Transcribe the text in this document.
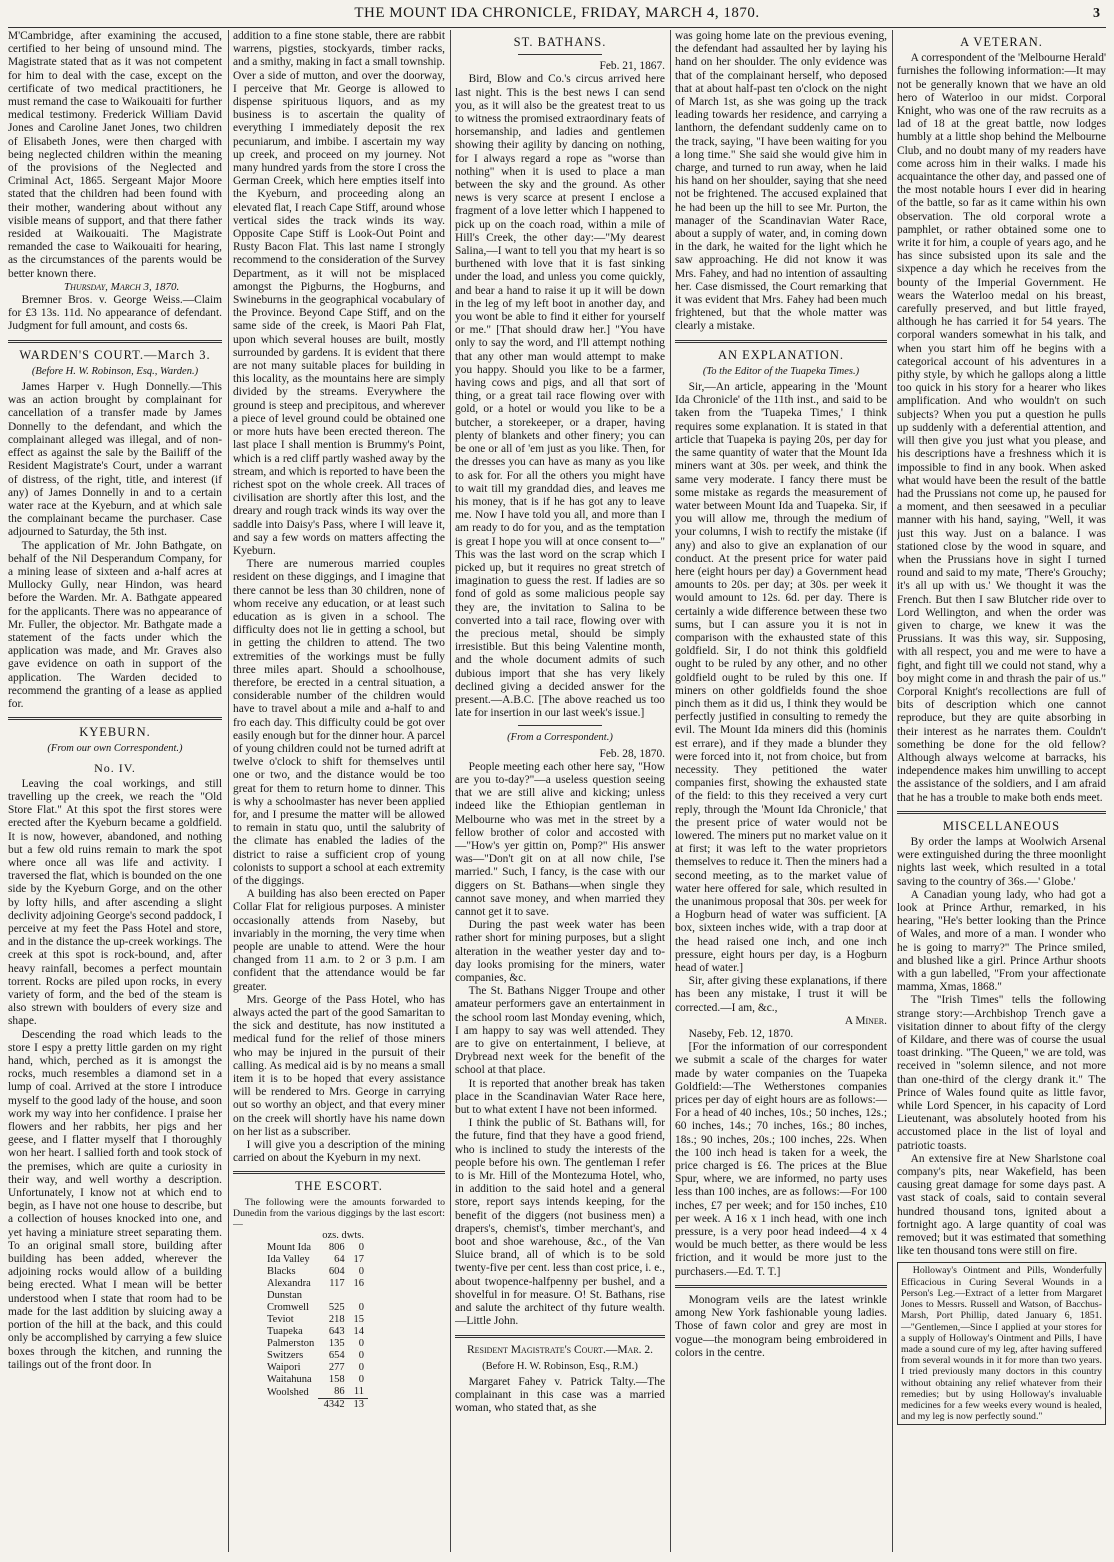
THE MOUNT IDA CHRONICLE, FRIDAY, MARCH 4, 1870.	3

M'Cambridge, after examining the accused, certified to her being of unsound mind. The Magistrate stated that as it was not competent for him to deal with the case, except on the certificate of two medical practitioners, he must remand the case to Waikouaiti for further medical testimony. Frederick William David Jones and Caroline Janet Jones, two children of Elisabeth Jones, were then charged with being neglected children within the meaning of the provisions of the Neglected and Criminal Act, 1865. Sergeant Major Moore stated that the children had been found with their mother, wandering about without any visible means of support, and that there father resided at Waikouaiti. The Magistrate remanded the case to Waikouaiti for hearing, as the circumstances of the parents would be better known there.

Thursday, March 3, 1870.

Bremner Bros. v. George Weiss.—Claim for £3 13s. 11d. No appearance of defendant. Judgment for full amount, and costs 6s.

WARDEN'S COURT.—March 3.
(Before H. W. Robinson, Esq., Warden.)

James Harper v. Hugh Donnelly.—This was an action brought by complainant for cancellation of a transfer made by James Donnelly to the defendant, and which the complainant alleged was illegal, and of non-effect as against the sale by the Bailiff of the Resident Magistrate's Court, under a warrant of distress, of the right, title, and interest (if any) of James Donnelly in and to a certain water race at the Kyeburn, and at which sale the complainant became the purchaser. Case adjourned to Saturday, the 5th inst.

The application of Mr. John Bathgate, on behalf of the Nil Desperandum Company, for a mining lease of sixteen and a-half acres at Mullocky Gully, near Hindon, was heard before the Warden. Mr. A. Bathgate appeared for the applicants. There was no appearance of Mr. Fuller, the objector. Mr. Bathgate made a statement of the facts under which the application was made, and Mr. Graves also gave evidence on oath in support of the application. The Warden decided to recommend the granting of a lease as applied for.

KYEBURN.
(From our own Correspondent.)
No. IV.

Leaving the coal workings, and still travelling up the creek, we reach the "Old Store Flat." At this spot the first stores were erected after the Kyeburn became a goldfield. It is now, however, abandoned, and nothing but a few old ruins remain to mark the spot where once all was life and activity. I traversed the flat, which is bounded on the one side by the Kyeburn Gorge, and on the other by lofty hills, and after ascending a slight declivity adjoining George's second paddock, I perceive at my feet the Pass Hotel and store, and in the distance the up-creek workings. The creek at this spot is rock-bound, and, after heavy rainfall, becomes a perfect mountain torrent. Rocks are piled upon rocks, in every variety of form, and the bed of the steam is also strewn with boulders of every size and shape.

Descending the road which leads to the store I espy a pretty little garden on my right hand, which, perched as it is amongst the rocks, much resembles a diamond set in a lump of coal. Arrived at the store I introduce myself to the good lady of the house, and soon work my way into her confidence. I praise her flowers and her rabbits, her pigs and her geese, and I flatter myself that I thoroughly won her heart. I sallied forth and took stock of the premises, which are quite a curiosity in their way, and well worthy a description. Unfortunately, I know not at which end to begin, as I have not one house to describe, but a collection of houses knocked into one, and yet having a miniature street separating them. To an original small store, building after building has been added, wherever the adjoining rocks would allow of a building being erected. What I mean will be better understood when I state that room had to be made for the last addition by sluicing away a portion of the hill at the back, and this could only be accomplished by carrying a few sluice boxes through the kitchen, and running the tailings out of the front door. In

addition to a fine stone stable, there are rabbit warrens, pigsties, stockyards, timber racks, and a smithy, making in fact a small township. Over a side of mutton, and over the doorway, I perceive that Mr. George is allowed to dispense spirituous liquors, and as my business is to ascertain the quality of everything I immediately deposit the rex pecuniarum, and imbibe. I ascertain my way up creek, and proceed on my journey. Not many hundred yards from the store I cross the German Creek, which here empties itself into the Kyeburn, and proceeding along an elevated flat, I reach Cape Stiff, around whose vertical sides the track winds its way. Opposite Cape Stiff is Look-Out Point and Rusty Bacon Flat. This last name I strongly recommend to the consideration of the Survey Department, as it will not be misplaced amongst the Pigburns, the Hogburns, and Swineburns in the geographical vocabulary of the Province. Beyond Cape Stiff, and on the same side of the creek, is Maori Pah Flat, upon which several houses are built, mostly surrounded by gardens. It is evident that there are not many suitable places for building in this locality, as the mountains here are simply divided by the streams. Everywhere the ground is steep and precipitous, and wherever a piece of level ground could be obtained one or more huts have been erected thereon. The last place I shall mention is Brummy's Point, which is a red cliff partly washed away by the stream, and which is reported to have been the richest spot on the whole creek. All traces of civilisation are shortly after this lost, and the dreary and rough track winds its way over the saddle into Daisy's Pass, where I will leave it, and say a few words on matters affecting the Kyeburn.

There are numerous married couples resident on these diggings, and I imagine that there cannot be less than 30 children, none of whom receive any education, or at least such education as is given in a school. The difficulty does not lie in getting a school, but in getting the children to attend. The two extremities of the workings must be fully three miles apart. Should a schoolhouse, therefore, be erected in a central situation, a considerable number of the children would have to travel about a mile and a-half to and fro each day. This difficulty could be got over easily enough but for the dinner hour. A parcel of young children could not be turned adrift at twelve o'clock to shift for themselves until one or two, and the distance would be too great for them to return home to dinner. This is why a schoolmaster has never been applied for, and I presume the matter will be allowed to remain in statu quo, until the salubrity of the climate has enabled the ladies of the district to raise a sufficient crop of young colonists to support a school at each extremity of the diggings.

A building has also been erected on Paper Collar Flat for religious purposes. A minister occasionally attends from Naseby, but invariably in the morning, the very time when people are unable to attend. Were the hour changed from 11 a.m. to 2 or 3 p.m. I am confident that the attendance would be far greater.

Mrs. George of the Pass Hotel, who has always acted the part of the good Samaritan to the sick and destitute, has now instituted a medical fund for the relief of those miners who may be injured in the pursuit of their calling. As medical aid is by no means a small item it is to be hoped that every assistance will be rendered to Mrs. George in carrying out so worthy an object, and that every miner on the creek will shortly have his name down on her list as a subscriber.

I will give you a description of the mining carried on about the Kyeburn in my next.

THE ESCORT.

The following were the amounts forwarded to Dunedin from the various diggings by the last escort:—

	ozs. dwts.	
Mount Ida	806	0
Ida Valley	64	17
Blacks	604	0
Alexandra	117	16
Dunstan		
Cromwell	525	0
Teviot	218	15
Tuapeka	643	14
Palmerston	135	0
Switzers	654	0
Waipori	277	0
Waitahuna	158	0
Woolshed	86	11
	4342	13
ST. BATHANS.

Feb. 21, 1867.

Bird, Blow and Co.'s circus arrived here last night. This is the best news I can send you, as it will also be the greatest treat to us to witness the promised extraordinary feats of horsemanship, and ladies and gentlemen showing their agility by dancing on nothing, for I always regard a rope as "worse than nothing" when it is used to place a man between the sky and the ground. As other news is very scarce at present I enclose a fragment of a love letter which I happened to pick up on the coach road, within a mile of Hill's Creek, the other day:—"My dearest Salina,—I want to tell you that my heart is so burthened with love that it is fast sinking under the load, and unless you come quickly, and bear a hand to raise it up it will be down in the leg of my left boot in another day, and you wont be able to find it either for yourself or me." [That should draw her.] "You have only to say the word, and I'll attempt nothing that any other man would attempt to make you happy. Should you like to be a farmer, having cows and pigs, and all that sort of thing, or a great tail race flowing over with gold, or a hotel or would you like to be a butcher, a storekeeper, or a draper, having plenty of blankets and other finery; you can be one or all of 'em just as you like. Then, for the dresses you can have as many as you like to ask for. For all the others you might have to wait till my granddad dies, and leaves me his money, that is if he has got any to leave me. Now I have told you all, and more than I am ready to do for you, and as the temptation is great I hope you will at once consent to—" This was the last word on the scrap which I picked up, but it requires no great stretch of imagination to guess the rest. If ladies are so fond of gold as some malicious people say they are, the invitation to Salina to be converted into a tail race, flowing over with the precious metal, should be simply irresistible. But this being Valentine month, and the whole document admits of such dubious import that she has very likely declined giving a decided answer for the present.—A.B.C. [The above reached us too late for insertion in our last week's issue.]

(From a Correspondent.)

Feb. 28, 1870.

People meeting each other here say, "How are you to-day?"—a useless question seeing that we are still alive and kicking; unless indeed like the Ethiopian gentleman in Melbourne who was met in the street by a fellow brother of color and accosted with—"How's yer gittin on, Pomp?" His answer was—"Don't git on at all now chile, I'se married." Such, I fancy, is the case with our diggers on St. Bathans—when single they cannot save money, and when married they cannot get it to save.

During the past week water has been rather short for mining purposes, but a slight alteration in the weather yester day and to-day looks promising for the miners, water companies, &c.

The St. Bathans Nigger Troupe and other amateur performers gave an entertainment in the school room last Monday evening, which, I am happy to say was well attended. They are to give on entertainment, I believe, at Drybread next week for the benefit of the school at that place.

It is reported that another break has taken place in the Scandinavian Water Race here, but to what extent I have not been informed.

I think the public of St. Bathans will, for the future, find that they have a good friend, who is inclined to study the interests of the people before his own. The gentleman I refer to is Mr. Hill of the Montezuma Hotel, who, in addition to the said hotel and a general store, report says intends keeping, for the benefit of the diggers (not business men) a drapers's, chemist's, timber merchant's, and boot and shoe warehouse, &c., of the Van Sluice brand, all of which is to be sold twenty-five per cent. less than cost price, i. e., about twopence-halfpenny per bushel, and a shovelful in for measure. O! St. Bathans, rise and salute the architect of thy future wealth.—Little John.

Resident Magistrate's Court.—Mar. 2.
(Before H. W. Robinson, Esq., R.M.)

Margaret Fahey v. Patrick Talty.—The complainant in this case was a married woman, who stated that, as she

was going home late on the previous evening, the defendant had assaulted her by laying his hand on her shoulder. The only evidence was that of the complainant herself, who deposed that at about half-past ten o'clock on the night of March 1st, as she was going up the track leading towards her residence, and carrying a lanthorn, the defendant suddenly came on to the track, saying, "I have been waiting for you a long time." She said she would give him in charge, and turned to run away, when he laid his hand on her shoulder, saying that she need not be frightened. The accused explained that he had been up the hill to see Mr. Purton, the manager of the Scandinavian Water Race, about a supply of water, and, in coming down in the dark, he waited for the light which he saw approaching. He did not know it was Mrs. Fahey, and had no intention of assaulting her. Case dismissed, the Court remarking that it was evident that Mrs. Fahey had been much frightened, but that the whole matter was clearly a mistake.

AN EXPLANATION.
(To the Editor of the Tuapeka Times.)

Sir,—An article, appearing in the 'Mount Ida Chronicle' of the 11th inst., and said to be taken from the 'Tuapeka Times,' I think requires some explanation. It is stated in that article that Tuapeka is paying 20s, per day for the same quantity of water that the Mount Ida miners want at 30s. per week, and think the same very moderate. I fancy there must be some mistake as regards the measurement of water between Mount Ida and Tuapeka. Sir, if you will allow me, through the medium of your columns, I wish to rectify the mistake (if any) and also to give an explanation of our conduct. At the present price for water paid here (eight hours per day) a Government head amounts to 20s. per day; at 30s. per week it would amount to 12s. 6d. per day. There is certainly a wide difference between these two sums, but I can assure you it is not in comparison with the exhausted state of this goldfield. Sir, I do not think this goldfield ought to be ruled by any other, and no other goldfield ought to be ruled by this one. If miners on other goldfields found the shoe pinch them as it did us, I think they would be perfectly justified in consulting to remedy the evil. The Mount Ida miners did this (hominis est errare), and if they made a blunder they were forced into it, not from choice, but from necessity. They petitioned the water companies first, showing the exhausted state of the field: to this they received a very curt reply, through the 'Mount Ida Chronicle,' that the present price of water would not be lowered. The miners put no market value on it at first; it was left to the water proprietors themselves to reduce it. Then the miners had a second meeting, as to the market value of water here offered for sale, which resulted in the unanimous proposal that 30s. per week for a Hogburn head of water was sufficient. [A box, sixteen inches wide, with a trap door at the head raised one inch, and one inch pressure, eight hours per day, is a Hogburn head of water.]

Sir, after giving these explanations, if there has been any mistake, I trust it will be corrected.—I am, &c.,

A Miner.

Naseby, Feb. 12, 1870.

[For the information of our correspondent we submit a scale of the charges for water made by water companies on the Tuapeka Goldfield:—The Wetherstones companies prices per day of eight hours are as follows:—For a head of 40 inches, 10s.; 50 inches, 12s.; 60 inches, 14s.; 70 inches, 16s.; 80 inches, 18s.; 90 inches, 20s.; 100 inches, 22s. When the 100 inch head is taken for a week, the price charged is £6. The prices at the Blue Spur, where, we are informed, no party uses less than 100 inches, are as follows:—For 100 inches, £7 per week; and for 150 inches, £10 per week. A 16 x 1 inch head, with one inch pressure, is a very poor head indeed—4 x 4 would be much better, as there would be less friction, and it would be more just to the purchasers.—Ed. T. T.]

Monogram veils are the latest wrinkle among New York fashionable young ladies. Those of fawn color and grey are most in vogue—the monogram being embroidered in colors in the centre.

A VETERAN.

A correspondent of the 'Melbourne Herald' furnishes the following information:—It may not be generally known that we have an old hero of Waterloo in our midst. Corporal Knight, who was one of the raw recruits as a lad of 18 at the great battle, now lodges humbly at a little shop behind the Melbourne Club, and no doubt many of my readers have come across him in their walks. I made his acquaintance the other day, and passed one of the most notable hours I ever did in hearing of the battle, so far as it came within his own observation. The old corporal wrote a pamphlet, or rather obtained some one to write it for him, a couple of years ago, and he has since subsisted upon its sale and the sixpence a day which he receives from the bounty of the Imperial Government. He wears the Waterloo medal on his breast, carefully preserved, and but little frayed, although he has carried it for 54 years. The corporal wanders somewhat in his talk, and when you start him off he begins with a categorical account of his adventures in a pithy style, by which he gallops along a little too quick in his story for a hearer who likes amplification. And who wouldn't on such subjects? When you put a question he pulls up suddenly with a deferential attention, and will then give you just what you please, and his descriptions have a freshness which it is impossible to find in any book. When asked what would have been the result of the battle had the Prussians not come up, he paused for a moment, and then seesawed in a peculiar manner with his hand, saying, "Well, it was just this way. Just on a balance. I was stationed close by the wood in square, and when the Prussians hove in sight I turned round and said to my mate, 'There's Grouchy; it's all up with us.' We thought it was the French. But then I saw Blutcher ride over to Lord Wellington, and when the order was given to charge, we knew it was the Prussians. It was this way, sir. Supposing, with all respect, you and me were to have a fight, and fight till we could not stand, why a boy might come in and thrash the pair of us." Corporal Knight's recollections are full of bits of description which one cannot reproduce, but they are quite absorbing in their interest as he narrates them. Couldn't something be done for the old fellow? Although always welcome at barracks, his independence makes him unwilling to accept the assistance of the soldiers, and I am afraid that he has a trouble to make both ends meet.

MISCELLANEOUS

By order the lamps at Woolwich Arsenal were extinguished during the three moonlight nights last week, which resulted in a total saving to the country of 36s.—' Globe.'

A Canadian young lady, who had got a look at Prince Arthur, remarked, in his hearing, "He's better looking than the Prince of Wales, and more of a man. I wonder who he is going to marry?" The Prince smiled, and blushed like a girl. Prince Arthur shoots with a gun labelled, "From your affectionate mamma, Xmas, 1868."

The "Irish Times" tells the following strange story:—Archbishop Trench gave a visitation dinner to about fifty of the clergy of Kildare, and there was of course the usual toast drinking. "The Queen," we are told, was received in "solemn silence, and not more than one-third of the clergy drank it." The Prince of Wales found quite as little favor, while Lord Spencer, in his capacity of Lord Lieutenant, was absolutely hooted from his accustomed place in the list of loyal and patriotic toasts.

An extensive fire at New Sharlstone coal company's pits, near Wakefield, has been causing great damage for some days past. A vast stack of coals, said to contain several hundred thousand tons, ignited about a fortnight ago. A large quantity of coal was removed; but it was estimated that something like ten thousand tons were still on fire.

Holloway's Ointment and Pills, Wonderfully Efficacious in Curing Several Wounds in a Person's Leg.—Extract of a letter from Margaret Jones to Messrs. Russell and Watson, of Bacchus-Marsh, Port Phillip, dated January 6, 1851.—"Gentlemen,—Since I applied at your stores for a supply of Holloway's Ointment and Pills, I have made a sound cure of my leg, after having suffered from several wounds in it for more than two years. I tried previously many doctors in this country without obtaining any relief whatever from their remedies; but by using Holloway's invaluable medicines for a few weeks every wound is healed, and my leg is now perfectly sound."
